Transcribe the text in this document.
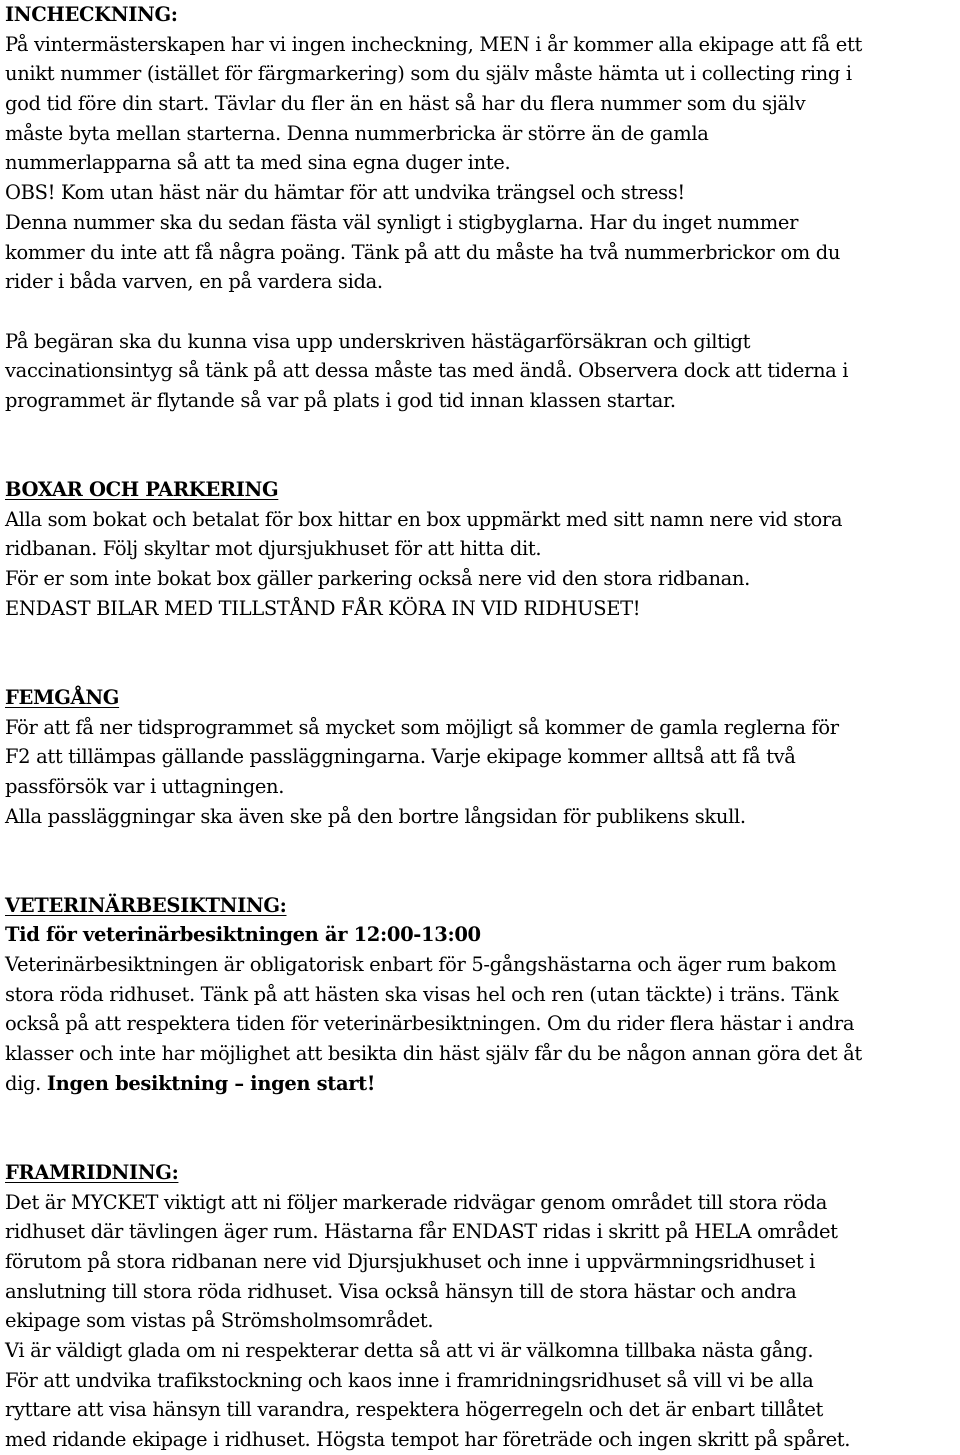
INCHECKNING:
På vintermästerskapen har vi ingen incheckning, MEN i år kommer alla ekipage att få ett
unikt nummer (istället för färgmarkering) som du själv måste hämta ut i collecting ring i
god tid före din start. Tävlar du fler än en häst så har du flera nummer som du själv
måste byta mellan starterna. Denna nummerbricka är större än de gamla
nummerlapparna så att ta med sina egna duger inte.
OBS! Kom utan häst när du hämtar för att undvika trängsel och stress!
Denna nummer ska du sedan fästa väl synligt i stigbyglarna. Har du inget nummer
kommer du inte att få några poäng. Tänk på att du måste ha två nummerbrickor om du
rider i båda varven, en på vardera sida.
På begäran ska du kunna visa upp underskriven hästägarförsäkran och giltigt
vaccinationsintyg så tänk på att dessa måste tas med ändå. Observera dock att tiderna i
programmet är flytande så var på plats i god tid innan klassen startar.
BOXAR OCH PARKERING
Alla som bokat och betalat för box hittar en box uppmärkt med sitt namn nere vid stora
ridbanan. Följ skyltar mot djursjukhuset för att hitta dit.
För er som inte bokat box gäller parkering också nere vid den stora ridbanan.
ENDAST BILAR MED TILLSTÅND FÅR KÖRA IN VID RIDHUSET!
FEMGÅNG
För att få ner tidsprogrammet så mycket som möjligt så kommer de gamla reglerna för
F2 att tillämpas gällande passläggningarna. Varje ekipage kommer alltså att få två
passförsök var i uttagningen.
Alla passläggningar ska även ske på den bortre långsidan för publikens skull.
VETERINÄRBESIKTNING:
Tid för veterinärbesiktningen är 12:00-13:00
Veterinärbesiktningen är obligatorisk enbart för 5-gångshästarna och äger rum bakom
stora röda ridhuset. Tänk på att hästen ska visas hel och ren (utan täckte) i träns. Tänk
också på att respektera tiden för veterinärbesiktningen. Om du rider flera hästar i andra
klasser och inte har möjlighet att besikta din häst själv får du be någon annan göra det åt
dig. Ingen besiktning – ingen start!
FRAMRIDNING:
Det är MYCKET viktigt att ni följer markerade ridvägar genom området till stora röda
ridhuset där tävlingen äger rum. Hästarna får ENDAST ridas i skritt på HELA området
förutom på stora ridbanan nere vid Djursjukhuset och inne i uppvärmningsridhuset i
anslutning till stora röda ridhuset. Visa också hänsyn till de stora hästar och andra
ekipage som vistas på Strömsholmsområdet.
Vi är väldigt glada om ni respekterar detta så att vi är välkomna tillbaka nästa gång.
För att undvika trafikstockning och kaos inne i framridningsridhuset så vill vi be alla
ryttare att visa hänsyn till varandra, respektera högerregeln och det är enbart tillåtet
med ridande ekipage i ridhuset. Högsta tempot har företräde och ingen skritt på spåret.
